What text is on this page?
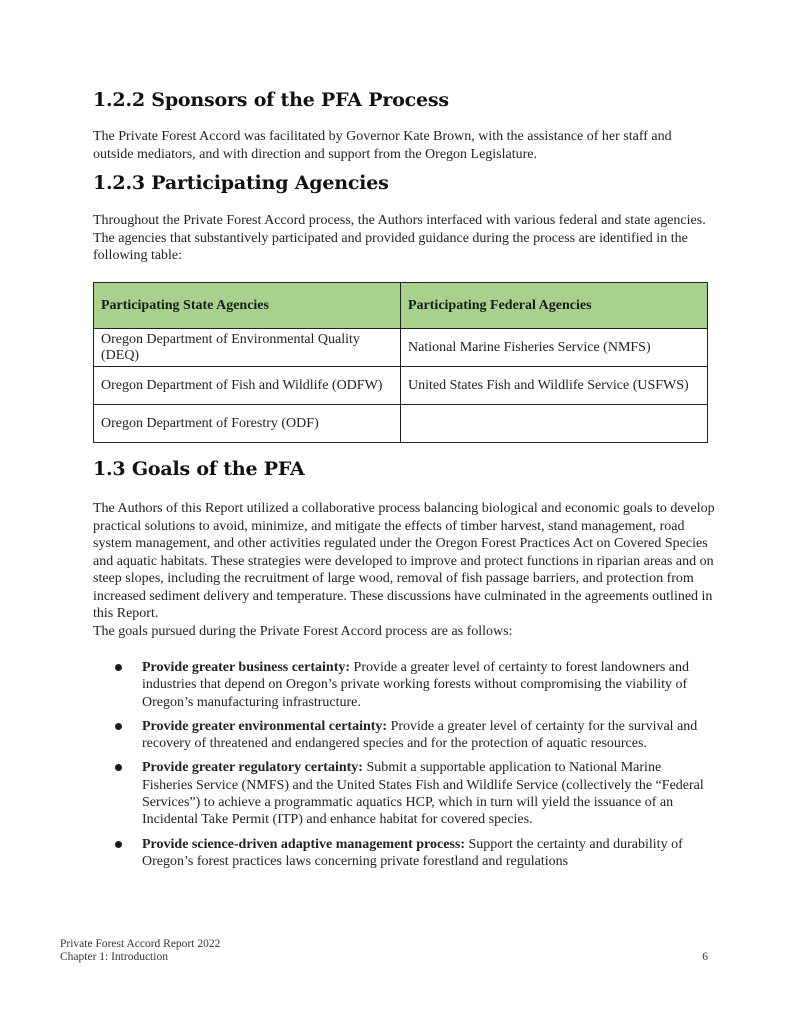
1.2.2 Sponsors of the PFA Process

The Private Forest Accord was facilitated by Governor Kate Brown, with the assistance of her staff and outside mediators, and with direction and support from the Oregon Legislature.

1.2.3 Participating Agencies

Throughout the Private Forest Accord process, the Authors interfaced with various federal and state agencies. The agencies that substantively participated and provided guidance during the process are identified in the following table:

Participating State Agencies	Participating Federal Agencies
Oregon Department of Environmental Quality (DEQ)	National Marine Fisheries Service (NMFS)
Oregon Department of Fish and Wildlife (ODFW)	United States Fish and Wildlife Service (USFWS)
Oregon Department of Forestry (ODF)	
1.3 Goals of the PFA

The Authors of this Report utilized a collaborative process balancing biological and economic goals to develop practical solutions to avoid, minimize, and mitigate the effects of timber harvest, stand management, road system management, and other activities regulated under the Oregon Forest Practices Act on Covered Species and aquatic habitats. These strategies were developed to improve and protect functions in riparian areas and on steep slopes, including the recruitment of large wood, removal of fish passage barriers, and protection from increased sediment delivery and temperature. These discussions have culminated in the agreements outlined in this Report.
The goals pursued during the Private Forest Accord process are as follows:

Provide greater business certainty: Provide a greater level of certainty to forest landowners and industries that depend on Oregon’s private working forests without compromising the viability of Oregon’s manufacturing infrastructure.
Provide greater environmental certainty: Provide a greater level of certainty for the survival and recovery of threatened and endangered species and for the protection of aquatic resources.
Provide greater regulatory certainty: Submit a supportable application to National Marine Fisheries Service (NMFS) and the United States Fish and Wildlife Service (collectively the “Federal Services”) to achieve a programmatic aquatics HCP, which in turn will yield the issuance of an Incidental Take Permit (ITP) and enhance habitat for covered species.
Provide science-driven adaptive management process: Support the certainty and durability of Oregon’s forest practices laws concerning private forestland and regulations
Private Forest Accord Report 2022
Chapter 1: Introduction	6
